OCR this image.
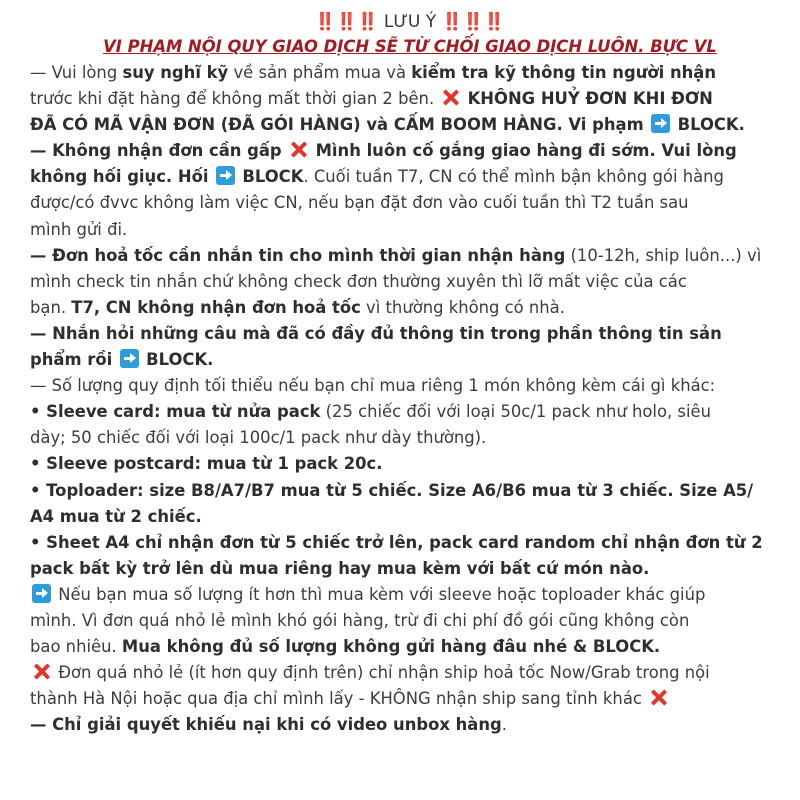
‼️‼️‼️ LƯU Ý ‼️‼️‼️

VI PHẠM NỘI QUY GIAO DỊCH SẼ TỪ CHỐI GIAO DỊCH LUÔN. BỰC VL

— Vui lòng suy nghĩ kỹ về sản phẩm mua và kiểm tra kỹ thông tin người nhận

trước khi đặt hàng để không mất thời gian 2 bên.  KHÔNG HUỶ ĐƠN KHI ĐƠN

ĐÃ CÓ MÃ VẬN ĐƠN (ĐÃ GÓI HÀNG) và CẤM BOOM HÀNG. Vi phạm  BLOCK.

— Không nhận đơn cần gấp  Mình luôn cố gắng giao hàng đi sớm. Vui lòng

không hối giục. Hối  BLOCK. Cuối tuần T7, CN có thể mình bận không gói hàng

được/có đvvc không làm việc CN, nếu bạn đặt đơn vào cuối tuần thì T2 tuần sau

mình gửi đi.

— Đơn hoả tốc cần nhắn tin cho mình thời gian nhận hàng (10-12h, ship luôn...) vì

mình check tin nhắn chứ không check đơn thường xuyên thì lỡ mất việc của các

bạn. T7, CN không nhận đơn hoả tốc vì thường không có nhà.

— Nhắn hỏi những câu mà đã có đầy đủ thông tin trong phần thông tin sản

phẩm rồi  BLOCK.

— Số lượng quy định tối thiểu nếu bạn chỉ mua riêng 1 món không kèm cái gì khác:

• Sleeve card: mua từ nửa pack (25 chiếc đối với loại 50c/1 pack như holo, siêu

dày; 50 chiếc đối với loại 100c/1 pack như dày thường).

• Sleeve postcard: mua từ 1 pack 20c.

• Toploader: size B8/A7/B7 mua từ 5 chiếc. Size A6/B6 mua từ 3 chiếc. Size A5/

A4 mua từ 2 chiếc.

• Sheet A4 chỉ nhận đơn từ 5 chiếc trở lên, pack card random chỉ nhận đơn từ 2

pack bất kỳ trở lên dù mua riêng hay mua kèm với bất cứ món nào.

Nếu bạn mua số lượng ít hơn thì mua kèm với sleeve hoặc toploader khác giúp

mình. Vì đơn quá nhỏ lẻ mình khó gói hàng, trừ đi chi phí đồ gói cũng không còn

bao nhiêu. Mua không đủ số lượng không gửi hàng đâu nhé & BLOCK.

Đơn quá nhỏ lẻ (ít hơn quy định trên) chỉ nhận ship hoả tốc Now/Grab trong nội

thành Hà Nội hoặc qua địa chỉ mình lấy - KHÔNG nhận ship sang tỉnh khác

— Chỉ giải quyết khiếu nại khi có video unbox hàng.
